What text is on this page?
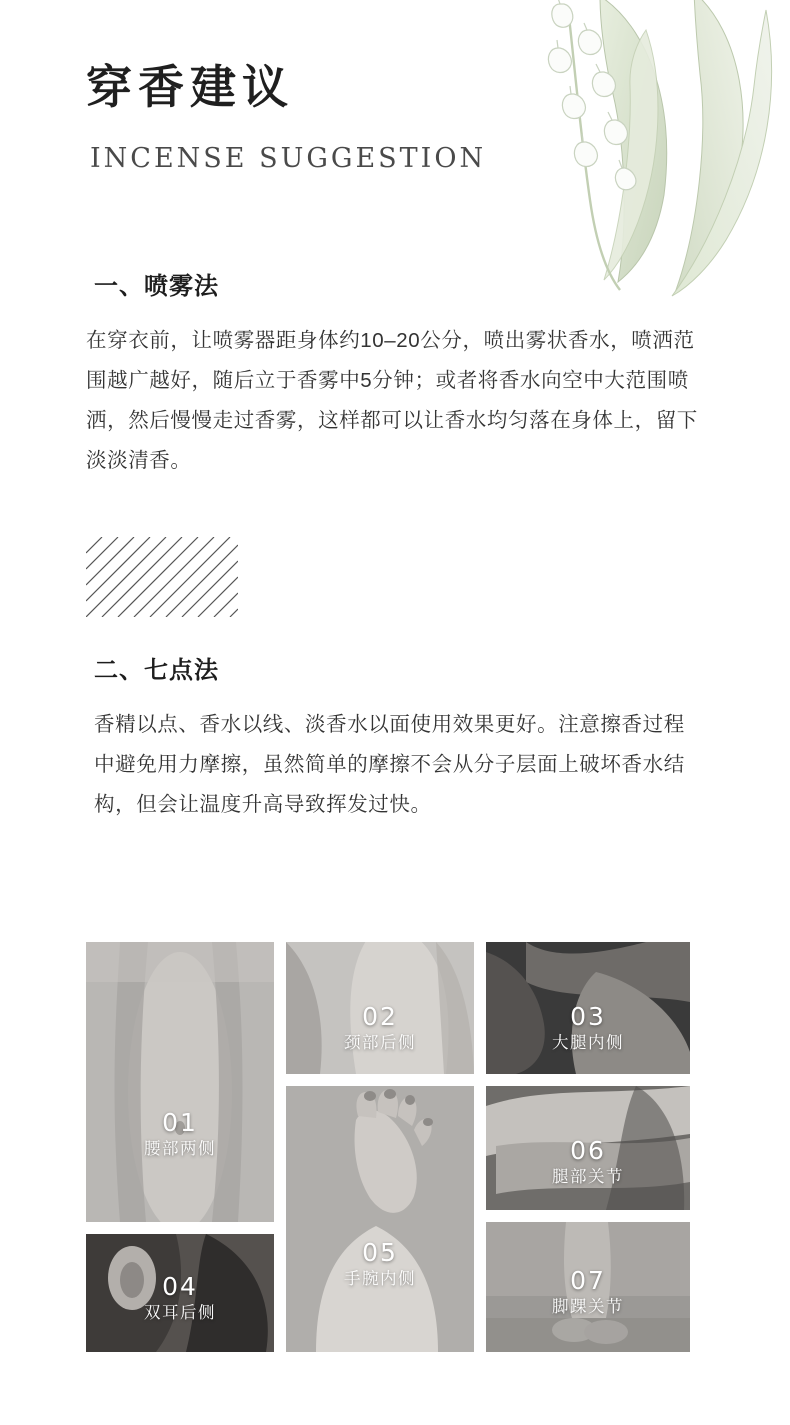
穿香建议
INCENSE SUGGESTION
一、喷雾法

在穿衣前，让喷雾器距身体约10–20公分，喷出雾状香水，喷洒范围越广越好，随后立于香雾中5分钟；或者将香水向空中大范围喷洒，然后慢慢走过香雾，这样都可以让香水均匀落在身体上，留下淡淡清香。

二、七点法

香精以点、香水以线、淡香水以面使用效果更好。注意擦香过程中避免用力摩擦，虽然简单的摩擦不会从分子层面上破坏香水结构，但会让温度升高导致挥发过快。

01
腰部两侧
02
颈部后侧
03
大腿内侧
04
双耳后侧
05
手腕内侧
06
腿部关节
07
脚踝关节
